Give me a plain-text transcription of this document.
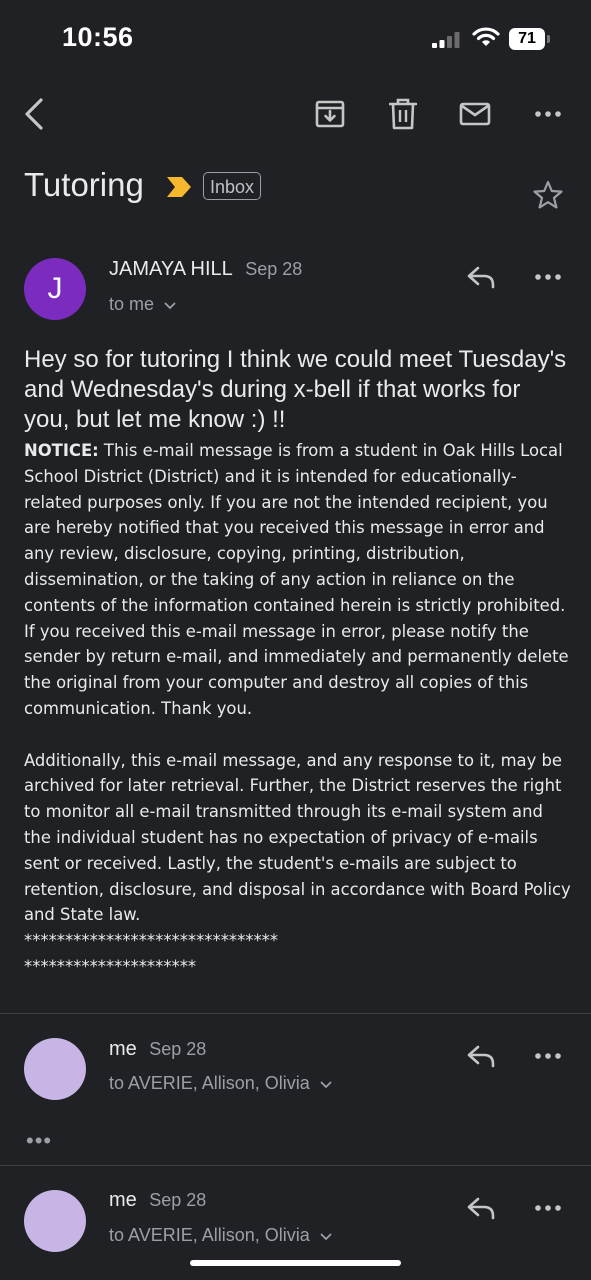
10:56	71
Tutoring	Inbox
J
JAMAYA HILL Sep 28
to me
Hey so for tutoring I think we could meet Tuesday's and Wednesday's during x-bell if that works for you, but let me know :) !!

NOTICE: This e-mail message is from a student in Oak Hills Local School District (District) and it is intended for educationally-related purposes only. If you are not the intended recipient, you are hereby notified that you received this message in error and any review, disclosure, copying, printing, distribution, dissemination, or the taking of any action in reliance on the contents of the information contained herein is strictly prohibited. If you received this e-mail message in error, please notify the sender by return e-mail, and immediately and permanently delete the original from your computer and destroy all copies of this communication. Thank you.

Additionally, this e-mail message, and any response to it, may be archived for later retrieval. Further, the District reserves the right to monitor all e-mail transmitted through its e-mail system and the individual student has no expectation of privacy of e-mails sent or received. Lastly, the student's e-mails are subject to retention, disclosure, and disposal in accordance with Board Policy and State law.

*******************************
*********************
me Sep 28
to AVERIE, Allison, Olivia
•••
me Sep 28
to AVERIE, Allison, Olivia
